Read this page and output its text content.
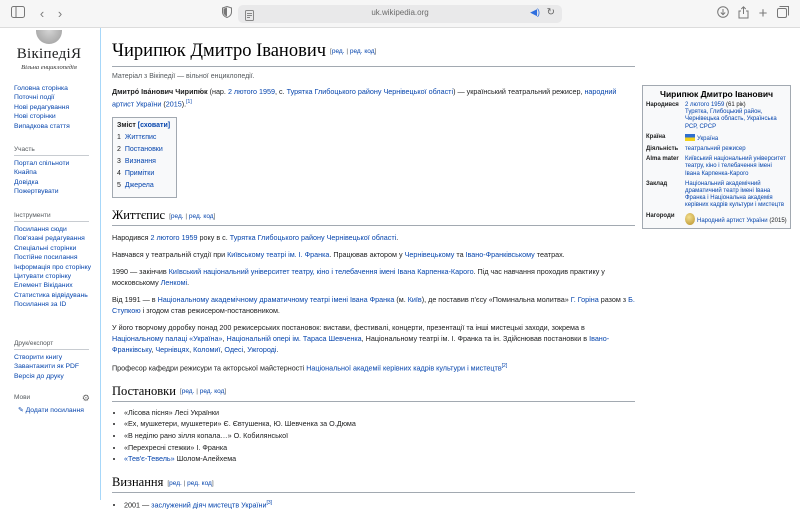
‹	›	uk.wikipedia.org	◀︎) ↻	+
ВікіпедіЯ
Вільна енциклопедія
Головна сторінка
Поточні події
Нові редагування
Нові сторінки
Випадкова стаття
Участь
Портал спільноти
Кнайпа
Довідка
Пожертвувати
Інструменти
Посилання сюди
Пов'язані редагування
Спеціальні сторінки
Постійне посилання
Інформація про сторінку
Цитувати сторінку
Елемент Вікіданих
Статистика відвідувань
Посилання за ID
Друк/експорт
Створити книгу
Завантажити як PDF
Версія до друку
Мови	⚙
✎ Додати посилання
Чирипюк Дмитро Іванович [ред. | ред. код]
Матеріал з Вікіпедії — вільної енциклопедії.

Дмитро́ Іва́нович Чирипю́к (нар. 2 лютого 1959, с. Турятка Глибоцького району Чернівецької області) — український театральний режисер, народний артист України (2015).[1]

Зміст [сховати]
1 Життєпис
2 Постановки
3 Визнання
4 Примітки
5 Джерела
Життєпис [ред. | ред. код]

Народився 2 лютого 1959 року в с. Турятка Глибоцького району Чернівецької області.

Навчався у театральній студії при Київському театрі ім. І. Франка. Працював актором у Чернівецькому та Івано-Франківському театрах.

1990 — закінчив Київський національний університет театру, кіно і телебачення імені Івана Карпенка-Карого. Під час навчання проходив практику у московському Ленкомі.

Від 1991 — в Національному академічному драматичному театрі імені Івана Франка (м. Київ), де поставив п'єсу «Поминальна молитва» Г. Горіна разом з Б. Ступкою і згодом став режисером-постановником.

У його творчому доробку понад 200 режисерських постановок: вистави, фестивалі, концерти, презентації та інші мистецькі заходи, зокрема в Національному палаці «Україна», Національній опері ім. Тараса Шевченка, Національному театрі ім. І. Франка та ін. Здійснював постановки в Івано-Франківську, Чернівцях, Коломиї, Одесі, Ужгороді.

Професор кафедри режисури та акторської майстерності Національної академії керівних кадрів культури і мистецтв[2]

Постановки [ред. | ред. код]
• «Лісова пісня» Лесі Українки
• «Ех, мушкетери, мушкетери» Є. Євтушенка, Ю. Шевченка за О.Дюма
• «В неділю рано зілля копала…» О. Кобилянської
• «Перехресні стежки» І. Франка
• «Тев'є-Тевель» Шолом-Алейхема
Визнання [ред. | ред. код]
• 2001 — заслужений діяч мистецтв України[3]
Чирипюк Дмитро Іванович
Народився	2 лютого 1959 (61 рік)
Турятка, Глибоцький район, Чернівецька область, Українська РСР, СРСР
Країна	Україна
Діяльність	театральний режисер
Alma mater	Київський національний університет театру, кіно і телебачення імені Івана Карпенка-Карого
Заклад	Національний академічний драматичний театр імені Івана Франка і Національна академія керівних кадрів культури і мистецтв
Нагороди
Народний артист України (2015)
